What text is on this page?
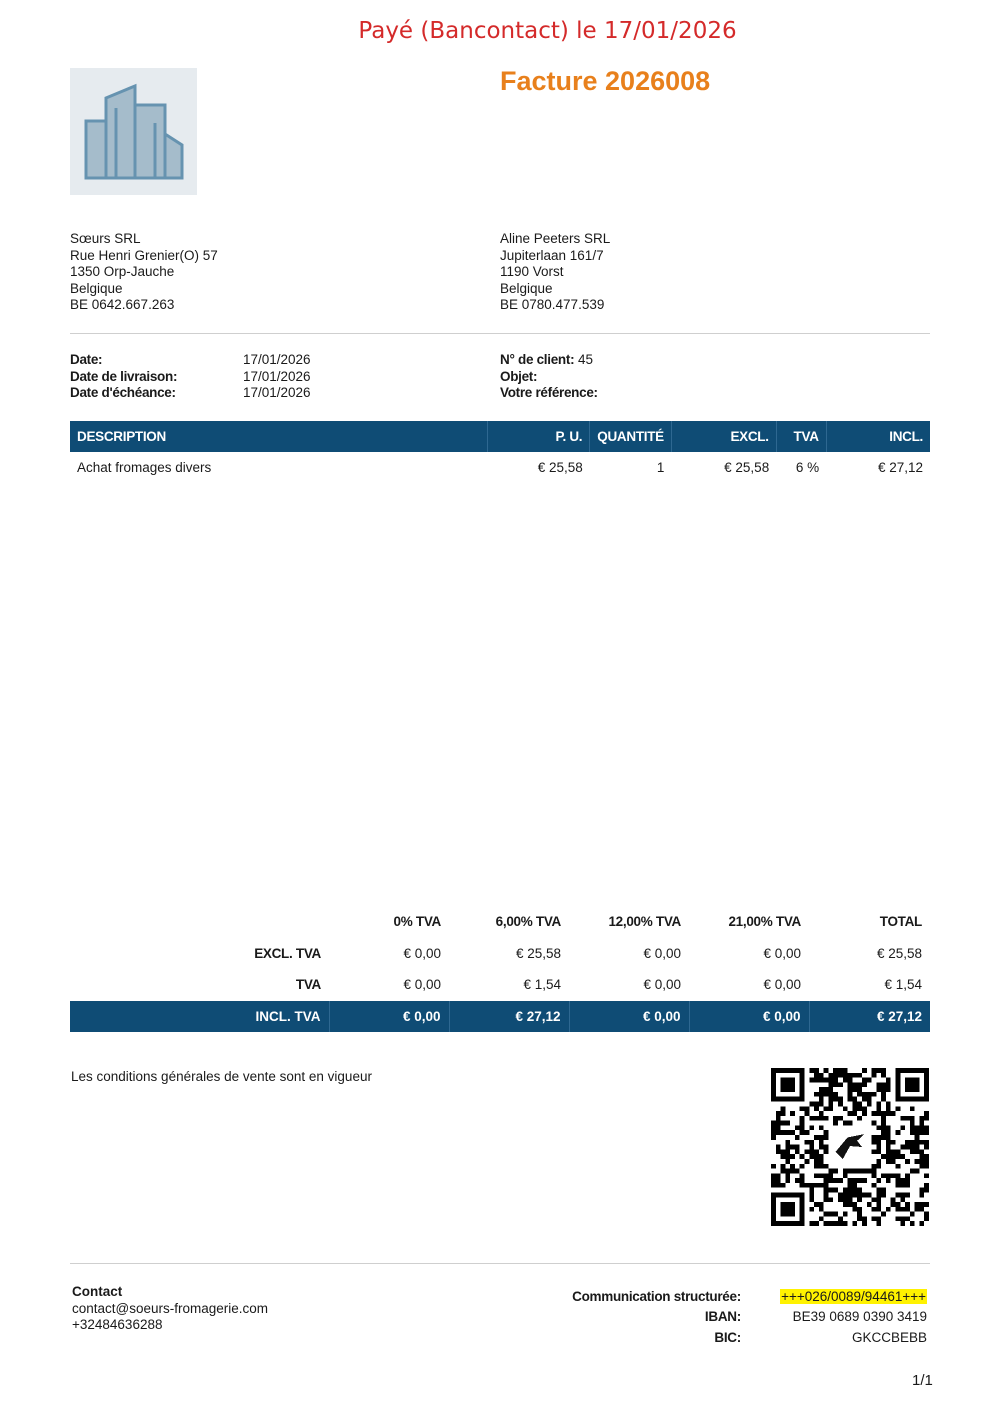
Payé (Bancontact) le 17/01/2026
Facture 2026008
Sœurs SRL
Rue Henri Grenier(O) 57
1350 Orp-Jauche
Belgique
BE 0642.667.263
Aline Peeters SRL
Jupiterlaan 161/7
1190 Vorst
Belgique
BE 0780.477.539
Date:	17/01/2026
Date de livraison:	17/01/2026
Date d'échéance:	17/01/2026
N° de client: 45
Objet:
Votre référence:
DESCRIPTION	P. U.	QUANTITÉ	EXCL.	TVA	INCL.
Achat fromages divers	€ 25,58	1	€ 25,58	6 %	€ 27,12
	0% TVA	6,00% TVA	12,00% TVA	21,00% TVA	TOTAL
EXCL. TVA	€ 0,00	€ 25,58	€ 0,00	€ 0,00	€ 25,58
TVA	€ 0,00	€ 1,54	€ 0,00	€ 0,00	€ 1,54
INCL. TVA	€ 0,00	€ 27,12	€ 0,00	€ 0,00	€ 27,12
Les conditions générales de vente sont en vigueur
Contact
contact@soeurs-fromagerie.com
+32484636288
Communication structurée:	+++026/0089/94461+++
IBAN:	BE39 0689 0390 3419
BIC:	GKCCBEBB
1/1
